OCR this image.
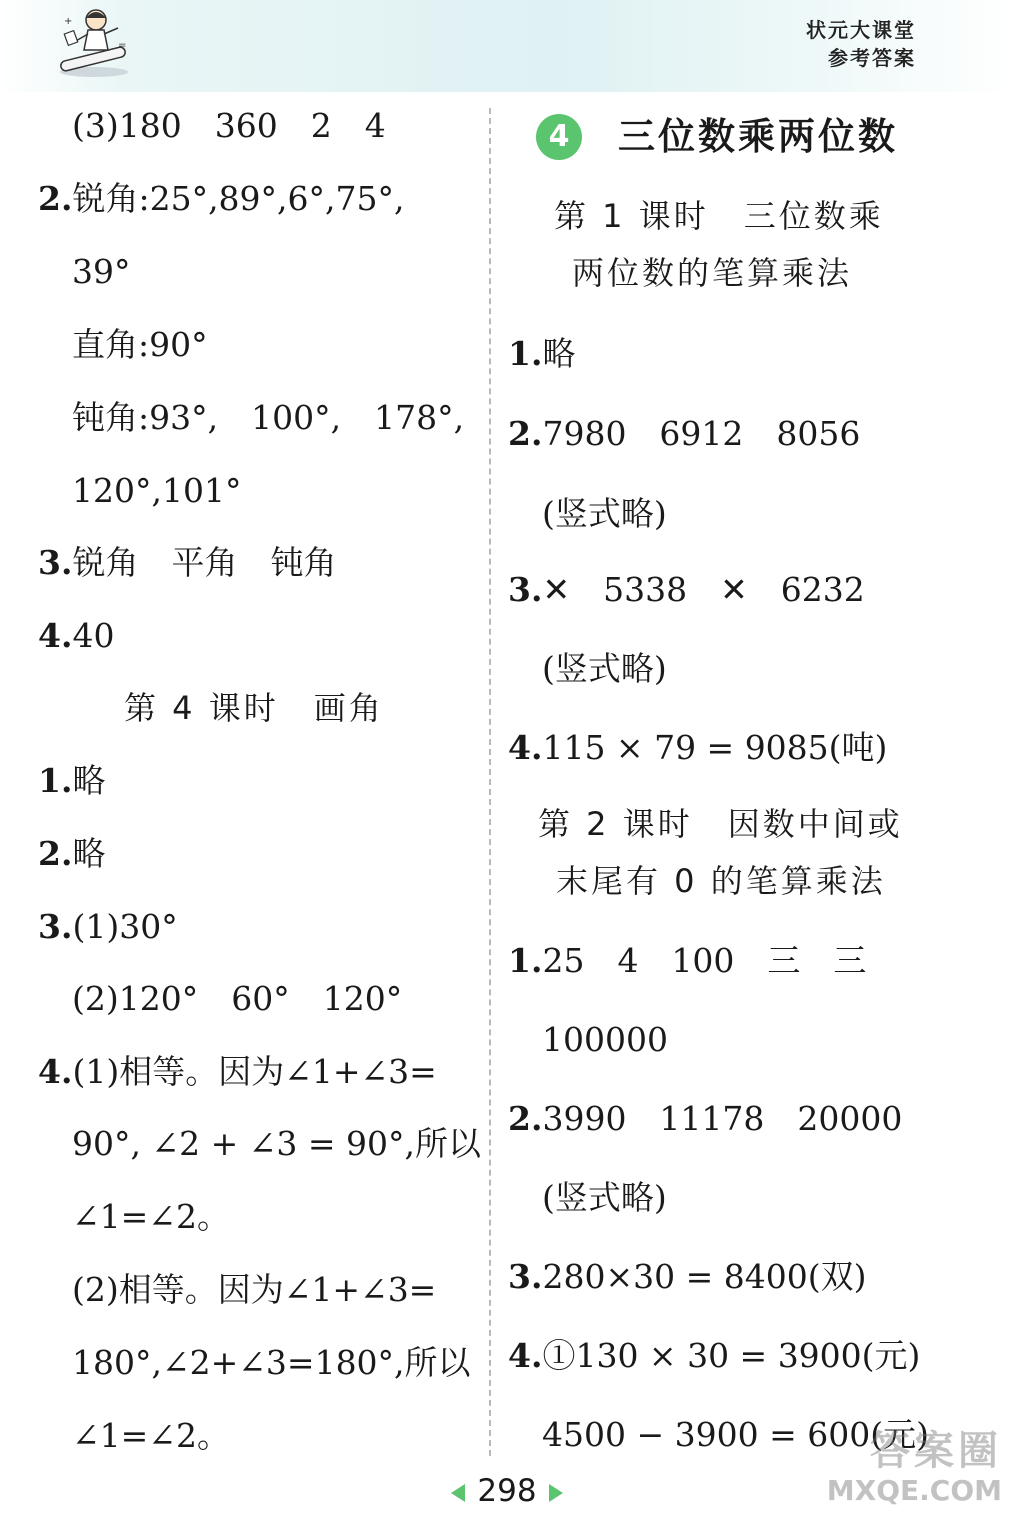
+
=
状元大课堂
参考答案
(3)180　360　2　4
2.锐角:25°,89°,6°,75°,
39°
直角:90°
钝角:93°,　100°,　178°,
120°,101°
3.锐角　平角　钝角
4.40
第 4 课时　画角
1.略
2.略
3.(1)30°
(2)120°　60°　120°
4.(1)相等。因为∠1+∠3=
90°, ∠2 + ∠3 = 90°,所以
∠1=∠2。
(2)相等。因为∠1+∠3=
180°,∠2+∠3=180°,所以
∠1=∠2。
4	三位数乘两位数
第 1 课时　三位数乘
两位数的笔算乘法
1.略
2.7980　6912　8056
(竖式略)
3.✕　5338　✕　6232
(竖式略)
4.115 × 79 = 9085(吨)
第 2 课时　因数中间或
末尾有 0 的笔算乘法
1.25　4　100　三　三
100000
2.3990　11178　20000
(竖式略)
3.280×30 = 8400(双)
4.①130 × 30 = 3900(元)
4500 − 3900 = 600(元)
298
答案圈
MXQE.COM
